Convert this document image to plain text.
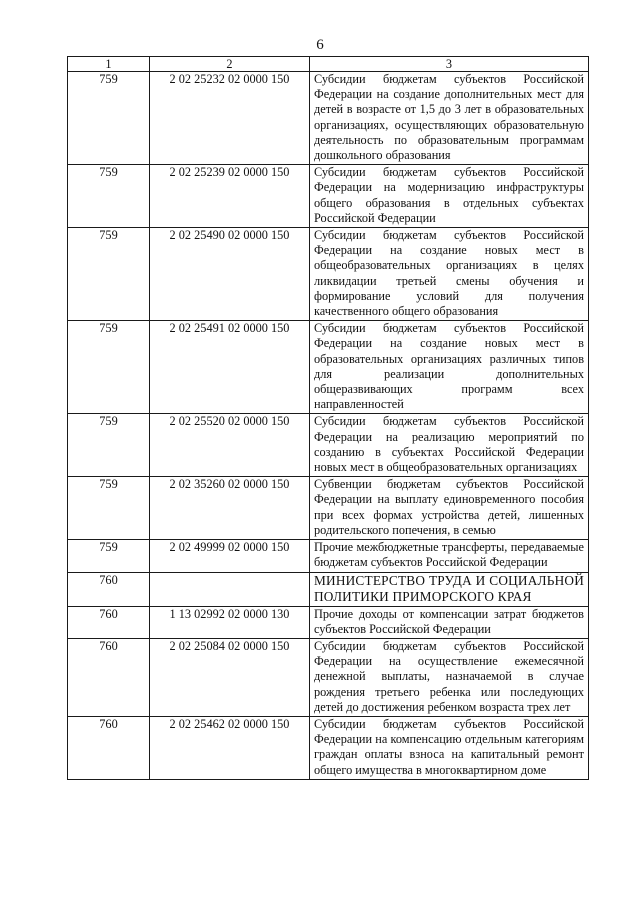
6
1	2	3
759	2 02 25232 02 0000 150	Субсидии бюджетам субъектов Российской Федерации на создание дополнительных мест для детей в возрасте от 1,5 до 3 лет в образовательных организациях, осуществляющих образовательную деятельность по образовательным программам дошкольного образования
759	2 02 25239 02 0000 150	Субсидии бюджетам субъектов Российской Федерации на модернизацию инфраструктуры общего образования в отдельных субъектах Российской Федерации
759	2 02 25490 02 0000 150	Субсидии бюджетам субъектов Российской Федерации на создание новых мест в общеобразовательных организациях в целях ликвидации третьей смены обучения и формирование условий для получения качественного общего образования
759	2 02 25491 02 0000 150	Субсидии бюджетам субъектов Российской Федерации на создание новых мест в образовательных организациях различных типов для реализации дополнительных общеразвивающих программ всех направленностей
759	2 02 25520 02 0000 150	Субсидии бюджетам субъектов Российской Федерации на реализацию мероприятий по созданию в субъектах Российской Федерации новых мест в общеобразовательных организациях
759	2 02 35260 02 0000 150	Субвенции бюджетам субъектов Российской Федерации на выплату единовременного пособия при всех формах устройства детей, лишенных родительского попечения, в семью
759	2 02 49999 02 0000 150	Прочие межбюджетные трансферты, передаваемые бюджетам субъектов Российской Федерации
760		МИНИСТЕРСТВО ТРУДА И СОЦИАЛЬНОЙ ПОЛИТИКИ ПРИМОРСКОГО КРАЯ
760	1 13 02992 02 0000 130	Прочие доходы от компенсации затрат бюджетов субъектов Российской Федерации
760	2 02 25084 02 0000 150	Субсидии бюджетам субъектов Российской Федерации на осуществление ежемесячной денежной выплаты, назначаемой в случае рождения третьего ребенка или последующих детей до достижения ребенком возраста трех лет
760	2 02 25462 02 0000 150	Субсидии бюджетам субъектов Российской Федерации на компенсацию отдельным категориям граждан оплаты взноса на капитальный ремонт общего имущества в многоквартирном доме
